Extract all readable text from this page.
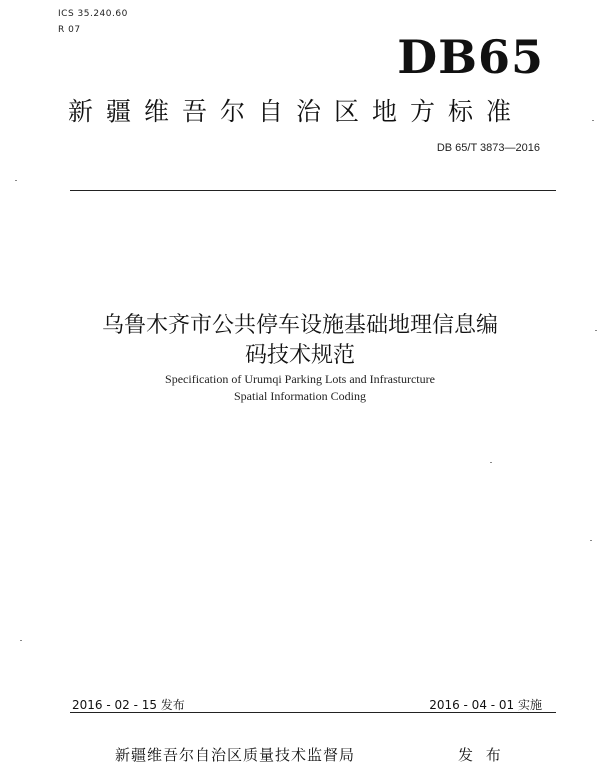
ICS 35.240.60
R 07	DB65
新疆维吾尔自治区地方标准
DB 65/T 3873—2016
乌鲁木齐市公共停车设施基础地理信息编
码技术规范
Specification of Urumqi Parking Lots and Infrasturcture
Spatial Information Coding
2016 - 02 - 15 发布	2016 - 04 - 01 实施
新疆维吾尔自治区质量技术监督局	发 布
